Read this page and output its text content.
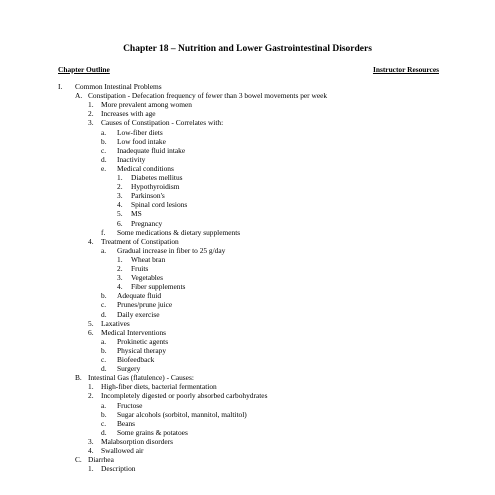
Chapter 18 – Nutrition and Lower Gastrointestinal Disorders
Chapter Outline	Instructor Resources
I. Common Intestinal Problems
A. Constipation - Defecation frequency of fewer than 3 bowel movements per week
1. More prevalent among women
2. Increases with age
3. Causes of Constipation - Correlates with:
a. Low-fiber diets
b. Low food intake
c. Inadequate fluid intake
d. Inactivity
e. Medical conditions
1. Diabetes mellitus
2. Hypothyroidism
3. Parkinson's
4. Spinal cord lesions
5. MS
6. Pregnancy
f. Some medications & dietary supplements
4. Treatment of Constipation
a. Gradual increase in fiber to 25 g/day
1. Wheat bran
2. Fruits
3. Vegetables
4. Fiber supplements
b. Adequate fluid
c. Prunes/prune juice
d. Daily exercise
5. Laxatives
6. Medical Interventions
a. Prokinetic agents
b. Physical therapy
c. Biofeedback
d. Surgery
B. Intestinal Gas (flatulence) - Causes:
1. High-fiber diets, bacterial fermentation
2. Incompletely digested or poorly absorbed carbohydrates
a. Fructose
b. Sugar alcohols (sorbitol, mannitol, maltitol)
c. Beans
d. Some grains & potatoes
3. Malabsorption disorders
4. Swallowed air
C. Diarrhea
1. Description
